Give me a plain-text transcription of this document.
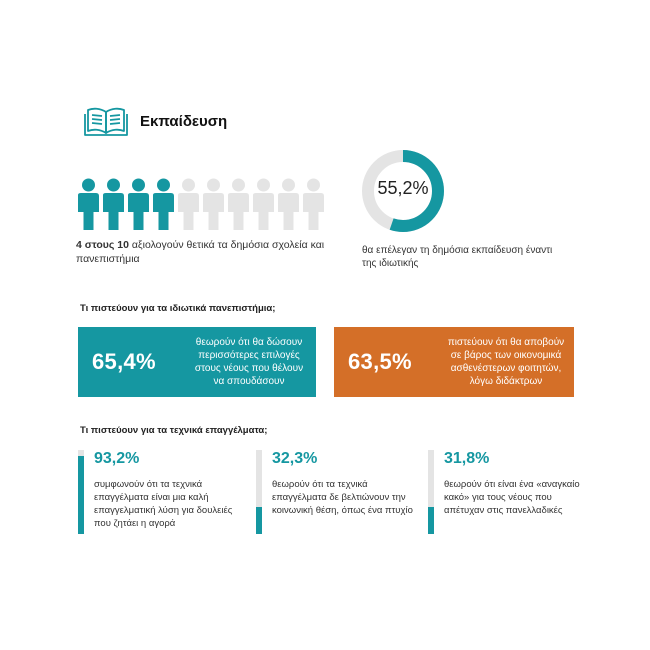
Εκπαίδευση
4 στους 10 αξιολογούν θετικά τα δημόσια σχολεία και πανεπιστήμια
55,2%
θα επέλεγαν τη δημόσια εκπαίδευση έναντι της ιδιωτικής
Τι πιστεύουν για τα ιδιωτικά πανεπιστήμια;
65,4%
θεωρούν ότι θα δώσουν περισσότερες επιλογές στους νέους που θέλουν να σπουδάσουν
63,5%
πιστεύουν ότι θα αποβούν σε βάρος των οικονομικά ασθενέστερων φοιτητών, λόγω διδάκτρων
Τι πιστεύουν για τα τεχνικά επαγγέλματα;
93,2%
συμφωνούν ότι τα τεχνικά επαγγέλματα είναι μια καλή επαγγελματική λύση για δουλειές που ζητάει η αγορά
32,3%
θεωρούν ότι τα τεχνικά επαγγέλματα δε βελτιώνουν την κοινωνική θέση, όπως ένα πτυχίο
31,8%
θεωρούν ότι είναι ένα «αναγκαίο κακό» για τους νέους που απέτυχαν στις πανελλαδικές
